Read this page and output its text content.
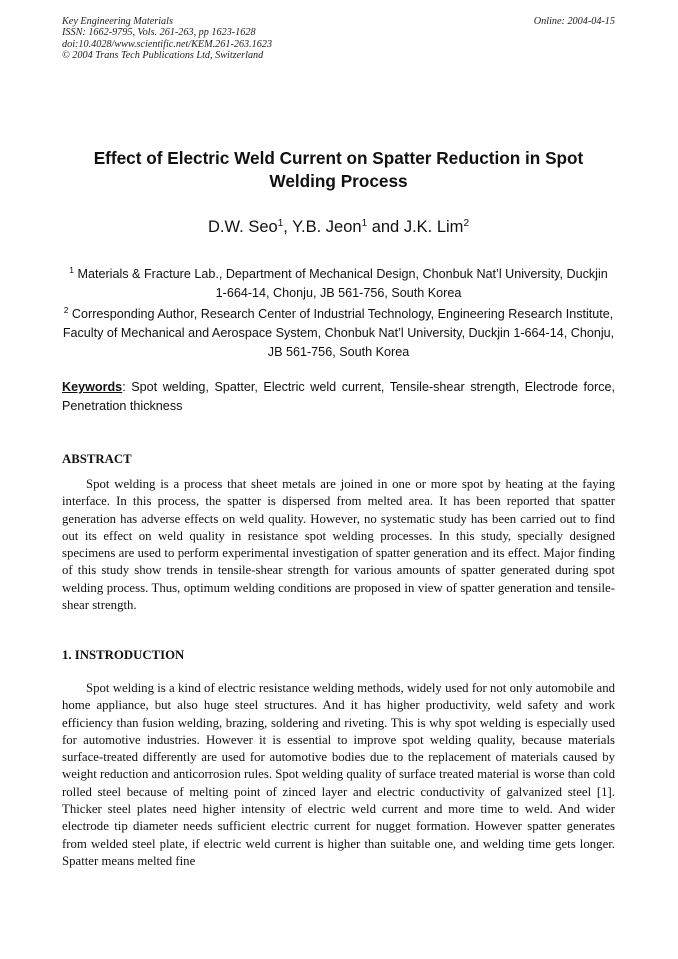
Key Engineering Materials
ISSN: 1662-9795, Vols. 261-263, pp 1623-1628
doi:10.4028/www.scientific.net/KEM.261-263.1623
© 2004 Trans Tech Publications Ltd, Switzerland
Online: 2004-04-15
Effect of Electric Weld Current on Spatter Reduction in Spot Welding Process
D.W. Seo$^1$, Y.B. Jeon$^1$ and J.K. Lim$^2$
$^1$ Materials & Fracture Lab., Department of Mechanical Design, Chonbuk Nat’l University, Duckjin 1-664-14, Chonju, JB 561-756, South Korea
$^2$ Corresponding Author, Research Center of Industrial Technology, Engineering Research Institute, Faculty of Mechanical and Aerospace System, Chonbuk Nat’l University, Duckjin 1-664-14, Chonju, JB 561-756, South Korea
Keywords: Spot welding, Spatter, Electric weld current, Tensile-shear strength, Electrode force, Penetration thickness
ABSTRACT

Spot welding is a process that sheet metals are joined in one or more spot by heating at the faying interface. In this process, the spatter is dispersed from melted area. It has been reported that spatter generation has adverse effects on weld quality. However, no systematic study has been carried out to find out its effect on weld quality in resistance spot welding processes. In this study, specially designed specimens are used to perform experimental investigation of spatter generation and its effect. Major finding of this study show trends in tensile-shear strength for various amounts of spatter generated during spot welding process. Thus, optimum welding conditions are proposed in view of spatter generation and tensile-shear strength.

1. INSTRODUCTION

Spot welding is a kind of electric resistance welding methods, widely used for not only automobile and home appliance, but also huge steel structures. And it has higher productivity, weld safety and work efficiency than fusion welding, brazing, soldering and riveting. This is why spot welding is especially used for automotive industries. However it is essential to improve spot welding quality, because materials surface-treated differently are used for automotive bodies due to the replacement of materials caused by weight reduction and anticorrosion rules. Spot welding quality of surface treated material is worse than cold rolled steel because of melting point of zinced layer and electric conductivity of galvanized steel [1]. Thicker steel plates need higher intensity of electric weld current and more time to weld. And wider electrode tip diameter needs sufficient electric current for nugget formation. However spatter generates from welded steel plate, if electric weld current is higher than suitable one, and welding time gets longer. Spatter means melted fine
